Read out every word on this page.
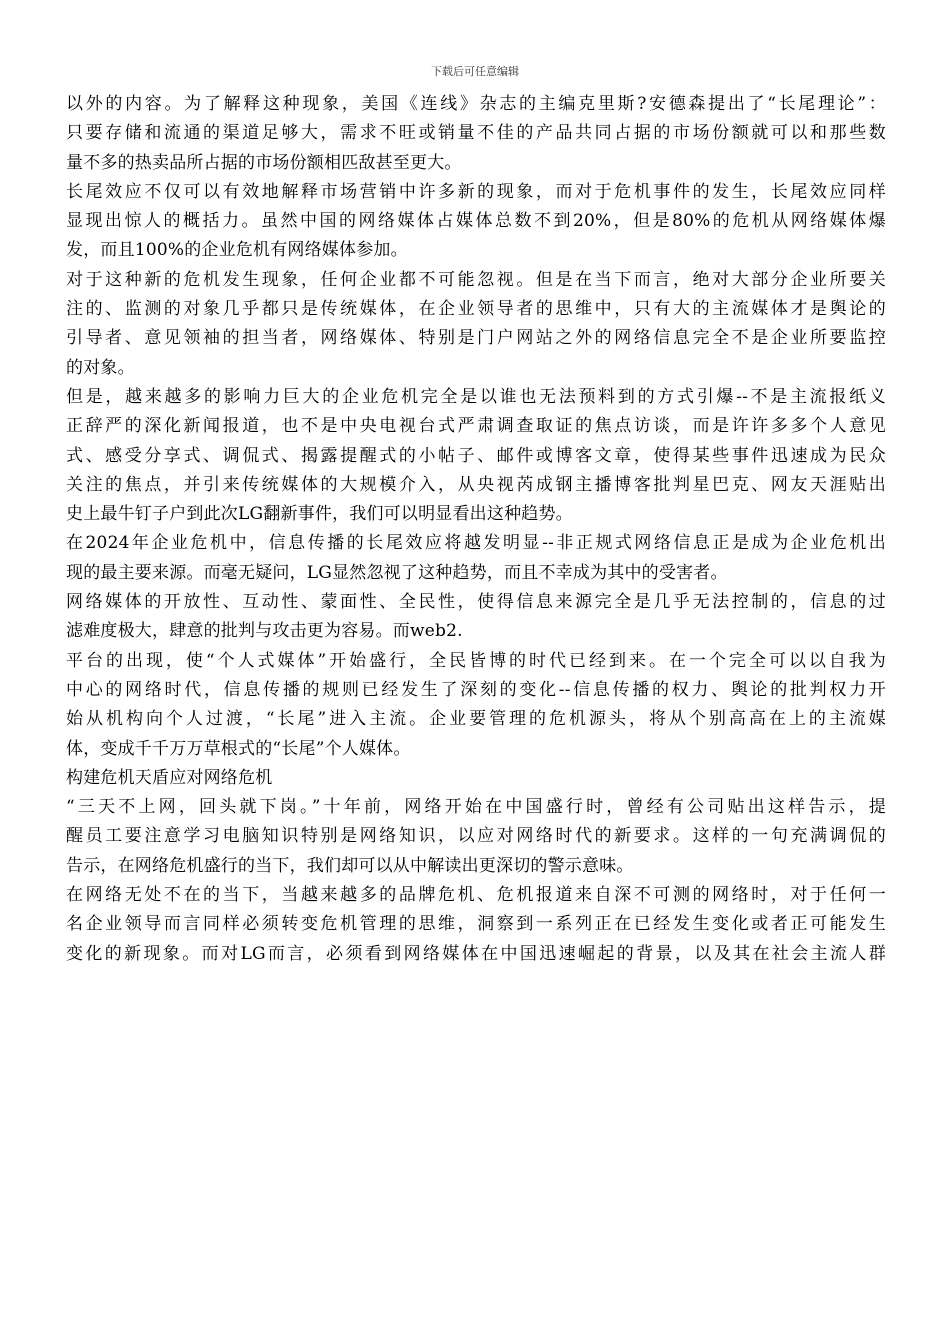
下载后可任意编辑
以外的内容。为了解释这种现象，美国《连线》杂志的主编克里斯?安德森提出了“长尾理论”：
只要存储和流通的渠道足够大，需求不旺或销量不佳的产品共同占据的市场份额就可以和那些数
量不多的热卖品所占据的市场份额相匹敌甚至更大。
长尾效应不仅可以有效地解释市场营销中许多新的现象，而对于危机事件的发生，长尾效应同样
显现出惊人的概括力。虽然中国的网络媒体占媒体总数不到20%，但是80%的危机从网络媒体爆
发，而且100%的企业危机有网络媒体参加。
对于这种新的危机发生现象，任何企业都不可能忽视。但是在当下而言，绝对大部分企业所要关
注的、监测的对象几乎都只是传统媒体，在企业领导者的思维中，只有大的主流媒体才是舆论的
引导者、意见领袖的担当者，网络媒体、特别是门户网站之外的网络信息完全不是企业所要监控
的对象。
但是，越来越多的影响力巨大的企业危机完全是以谁也无法预料到的方式引爆--不是主流报纸义
正辞严的深化新闻报道，也不是中央电视台式严肃调查取证的焦点访谈，而是许许多多个人意见
式、感受分享式、调侃式、揭露提醒式的小帖子、邮件或博客文章，使得某些事件迅速成为民众
关注的焦点，并引来传统媒体的大规模介入，从央视芮成钢主播博客批判星巴克、网友天涯贴出
史上最牛钉子户到此次LG翻新事件，我们可以明显看出这种趋势。
在2024年企业危机中，信息传播的长尾效应将越发明显--非正规式网络信息正是成为企业危机出
现的最主要来源。而毫无疑问，LG显然忽视了这种趋势，而且不幸成为其中的受害者。
网络媒体的开放性、互动性、蒙面性、全民性，使得信息来源完全是几乎无法控制的，信息的过
滤难度极大，肆意的批判与攻击更为容易。而web2.
平台的出现，使“个人式媒体”开始盛行，全民皆博的时代已经到来。在一个完全可以以自我为
中心的网络时代，信息传播的规则已经发生了深刻的变化--信息传播的权力、舆论的批判权力开
始从机构向个人过渡，“长尾”进入主流。企业要管理的危机源头，将从个别高高在上的主流媒
体，变成千千万万草根式的“长尾”个人媒体。
构建危机天盾应对网络危机
“三天不上网，回头就下岗。”十年前，网络开始在中国盛行时，曾经有公司贴出这样告示，提
醒员工要注意学习电脑知识特别是网络知识，以应对网络时代的新要求。这样的一句充满调侃的
告示，在网络危机盛行的当下，我们却可以从中解读出更深切的警示意味。
在网络无处不在的当下，当越来越多的品牌危机、危机报道来自深不可测的网络时，对于任何一
名企业领导而言同样必须转变危机管理的思维，洞察到一系列正在已经发生变化或者正可能发生
变化的新现象。而对LG而言，必须看到网络媒体在中国迅速崛起的背景，以及其在社会主流人群
